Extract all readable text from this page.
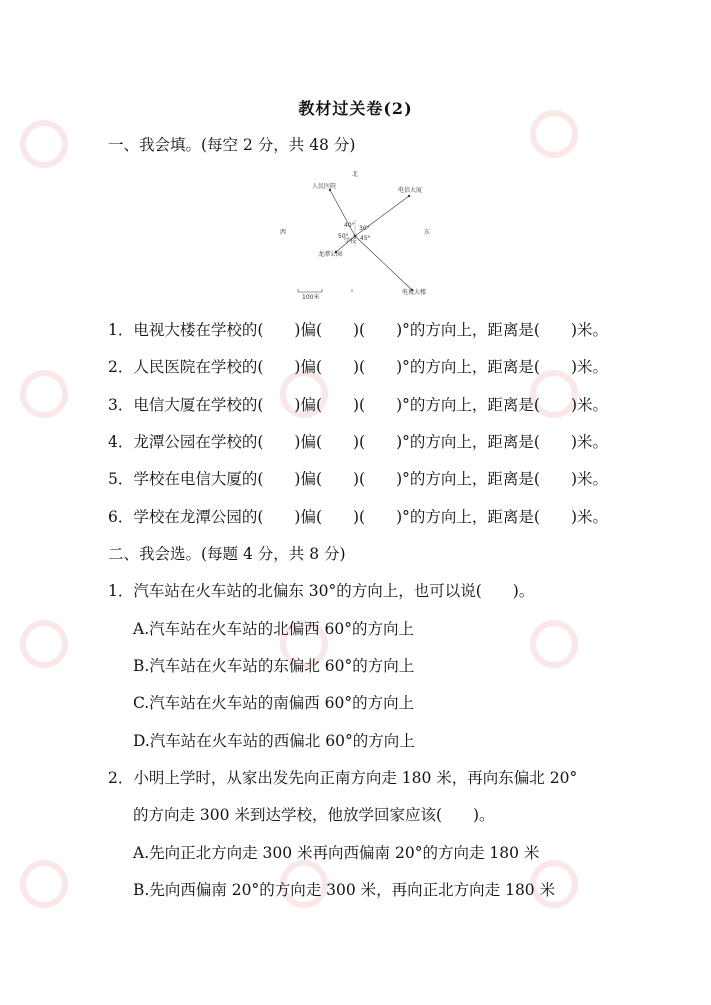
教材过关卷(2)
一、我会填。(每空 2 分，共 48 分)
北
人民医院
电信大厦
西	东
学校
龙潭公园
电视大楼
30°
40°
50° 45°
100米
1．电视大楼在学校的(　　)偏(　　)(　　)°的方向上，距离是(　　)米。
2．人民医院在学校的(　　)偏(　　)(　　)°的方向上，距离是(　　)米。
3．电信大厦在学校的(　　)偏(　　)(　　)°的方向上，距离是(　　)米。
4．龙潭公园在学校的(　　)偏(　　)(　　)°的方向上，距离是(　　)米。
5．学校在电信大厦的(　　)偏(　　)(　　)°的方向上，距离是(　　)米。
6．学校在龙潭公园的(　　)偏(　　)(　　)°的方向上，距离是(　　)米。
二、我会选。(每题 4 分，共 8 分)
1．汽车站在火车站的北偏东 30°的方向上，也可以说(　　)。
A.汽车站在火车站的北偏西 60°的方向上
B.汽车站在火车站的东偏北 60°的方向上
C.汽车站在火车站的南偏西 60°的方向上
D.汽车站在火车站的西偏北 60°的方向上
2．小明上学时，从家出发先向正南方向走 180 米，再向东偏北 20°
的方向走 300 米到达学校，他放学回家应该(　　)。
A.先向正北方向走 300 米再向西偏南 20°的方向走 180 米
B.先向西偏南 20°的方向走 300 米，再向正北方向走 180 米
